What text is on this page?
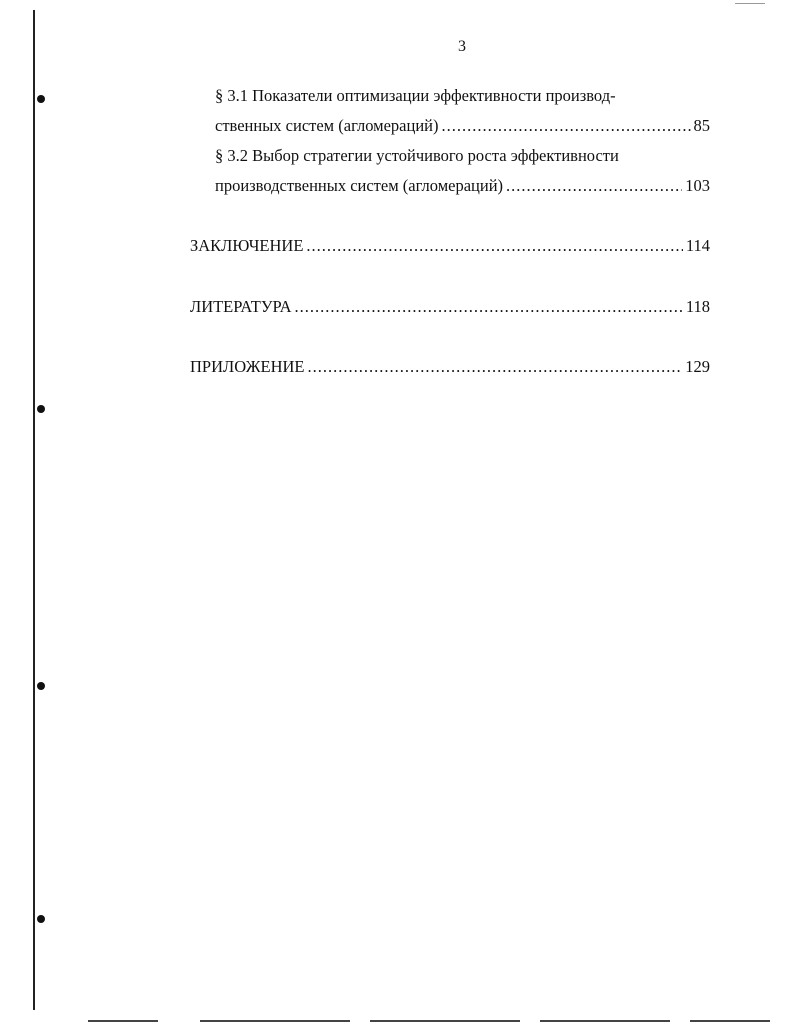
3
§ 3.1 Показатели оптимизации эффективности производ-
ственных систем (агломераций) .....	85
§ 3.2 Выбор стратегии устойчивого роста эффективности
производственных систем (агломераций) .....	103
ЗАКЛЮЧЕНИЕ .....	114
ЛИТЕРАТУРА .....	118
ПРИЛОЖЕНИЕ .....	129
